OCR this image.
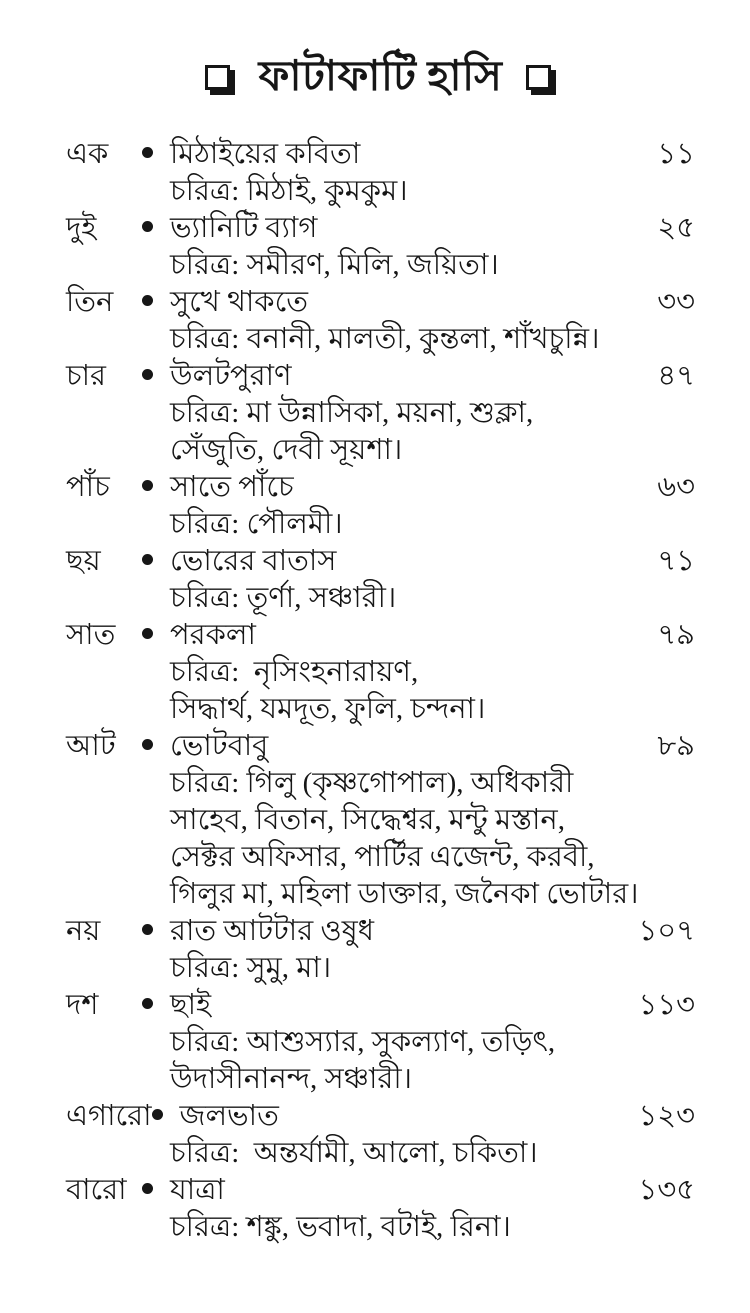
ফাটাফাটি হাসি
এক	মিঠাইয়ের কবিতা	১১
চরিত্র: মিঠাই, কুমকুম।
দুই	ভ্যানিটি ব্যাগ	২৫
চরিত্র: সমীরণ, মিলি, জয়িতা।
তিন	সুখে থাকতে	৩৩
চরিত্র: বনানী, মালতী, কুন্তলা, শাঁখচুন্নি।
চার	উলটপুরাণ	৪৭
চরিত্র: মা উন্নাসিকা, ময়না, শুক্লা,
সেঁজুতি, দেবী সূয়শা।
পাঁচ	সাতে পাঁচে	৬৩
চরিত্র: পৌলমী।
ছয়	ভোরের বাতাস	৭১
চরিত্র: তূর্ণা, সঞ্চারী।
সাত	পরকলা	৭৯
চরিত্র:  নৃসিংহনারায়ণ,
সিদ্ধার্থ, যমদূত, ফুলি, চন্দনা।
আট	ভোটবাবু	৮৯
চরিত্র: গিলু (কৃষ্ণগোপাল), অধিকারী
সাহেব, বিতান, সিদ্ধেশ্বর, মন্টু মস্তান,
সেক্টর অফিসার, পার্টির এজেন্ট, করবী,
গিলুর মা, মহিলা ডাক্তার, জনৈকা ভোটার।
নয়	রাত আটটার ওষুধ	১০৭
চরিত্র: সুমু, মা।
দশ	ছাই	১১৩
চরিত্র: আশুস্যার, সুকল্যাণ, তড়িৎ,
উদাসীনানন্দ, সঞ্চারী।
এগারো জলভাত	১২৩
চরিত্র:  অন্তর্যামী, আলো, চকিতা।
বারো	যাত্রা	১৩৫
চরিত্র: শঙ্কু, ভবাদা, বটাই, রিনা।
